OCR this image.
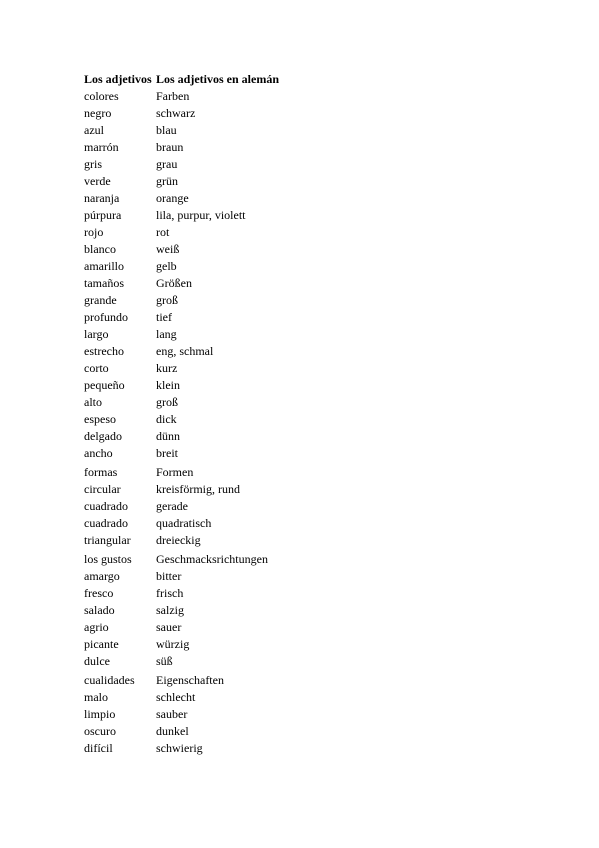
Los adjetivos	Los adjetivos en alemán
colores	Farben
negro	schwarz
azul	blau
marrón	braun
gris	grau
verde	grün
naranja	orange
púrpura	lila, purpur, violett
rojo	rot
blanco	weiß
amarillo	gelb
tamaños	Größen
grande	groß
profundo	tief
largo	lang
estrecho	eng, schmal
corto	kurz
pequeño	klein
alto	groß
espeso	dick
delgado	dünn
ancho	breit
formas	Formen
circular	kreisförmig, rund
cuadrado	gerade
cuadrado	quadratisch
triangular	dreieckig
los gustos	Geschmacksrichtungen
amargo	bitter
fresco	frisch
salado	salzig
agrio	sauer
picante	würzig
dulce	süß
cualidades	Eigenschaften
malo	schlecht
limpio	sauber
oscuro	dunkel
difícil	schwierig
